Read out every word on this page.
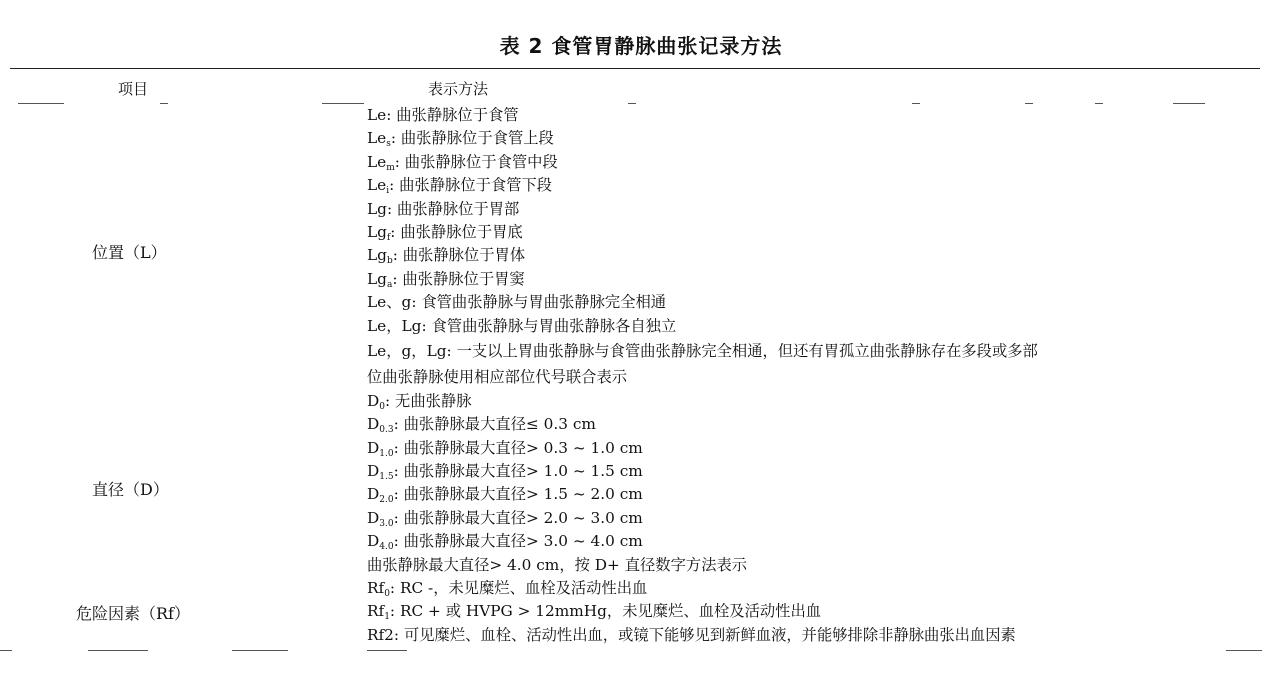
表 2 食管胃静脉曲张记录方法
项目	表示方法
位置（L）
直径（D）
危险因素（Rf）
Le: 曲张静脉位于食管
$Le_s$: 曲张静脉位于食管上段
$Le_m$: 曲张静脉位于食管中段
$Le_i$: 曲张静脉位于食管下段
Lg: 曲张静脉位于胃部
$Lg_f$: 曲张静脉位于胃底
$Lg_b$: 曲张静脉位于胃体
$Lg_a$: 曲张静脉位于胃窦
Le、g: 食管曲张静脉与胃曲张静脉完全相通
Le，Lg: 食管曲张静脉与胃曲张静脉各自独立
Le，g，Lg: 一支以上胃曲张静脉与食管曲张静脉完全相通，但还有胃孤立曲张静脉存在多段或多部
位曲张静脉使用相应部位代号联合表示
$D_0$: 无曲张静脉
$D_{0.3}$: 曲张静脉最大直径≤ 0.3 cm
$D_{1.0}$: 曲张静脉最大直径> 0.3 ~ 1.0 cm
$D_{1.5}$: 曲张静脉最大直径> 1.0 ~ 1.5 cm
$D_{2.0}$: 曲张静脉最大直径> 1.5 ~ 2.0 cm
$D_{3.0}$: 曲张静脉最大直径> 2.0 ~ 3.0 cm
$D_{4.0}$: 曲张静脉最大直径> 3.0 ~ 4.0 cm
曲张静脉最大直径> 4.0 cm，按 D+ 直径数字方法表示
$Rf_0$: RC -，未见糜烂、血栓及活动性出血
$Rf_1$: RC + 或 HVPG > 12mmHg，未见糜烂、血栓及活动性出血
Rf2: 可见糜烂、血栓、活动性出血，或镜下能够见到新鲜血液，并能够排除非静脉曲张出血因素
